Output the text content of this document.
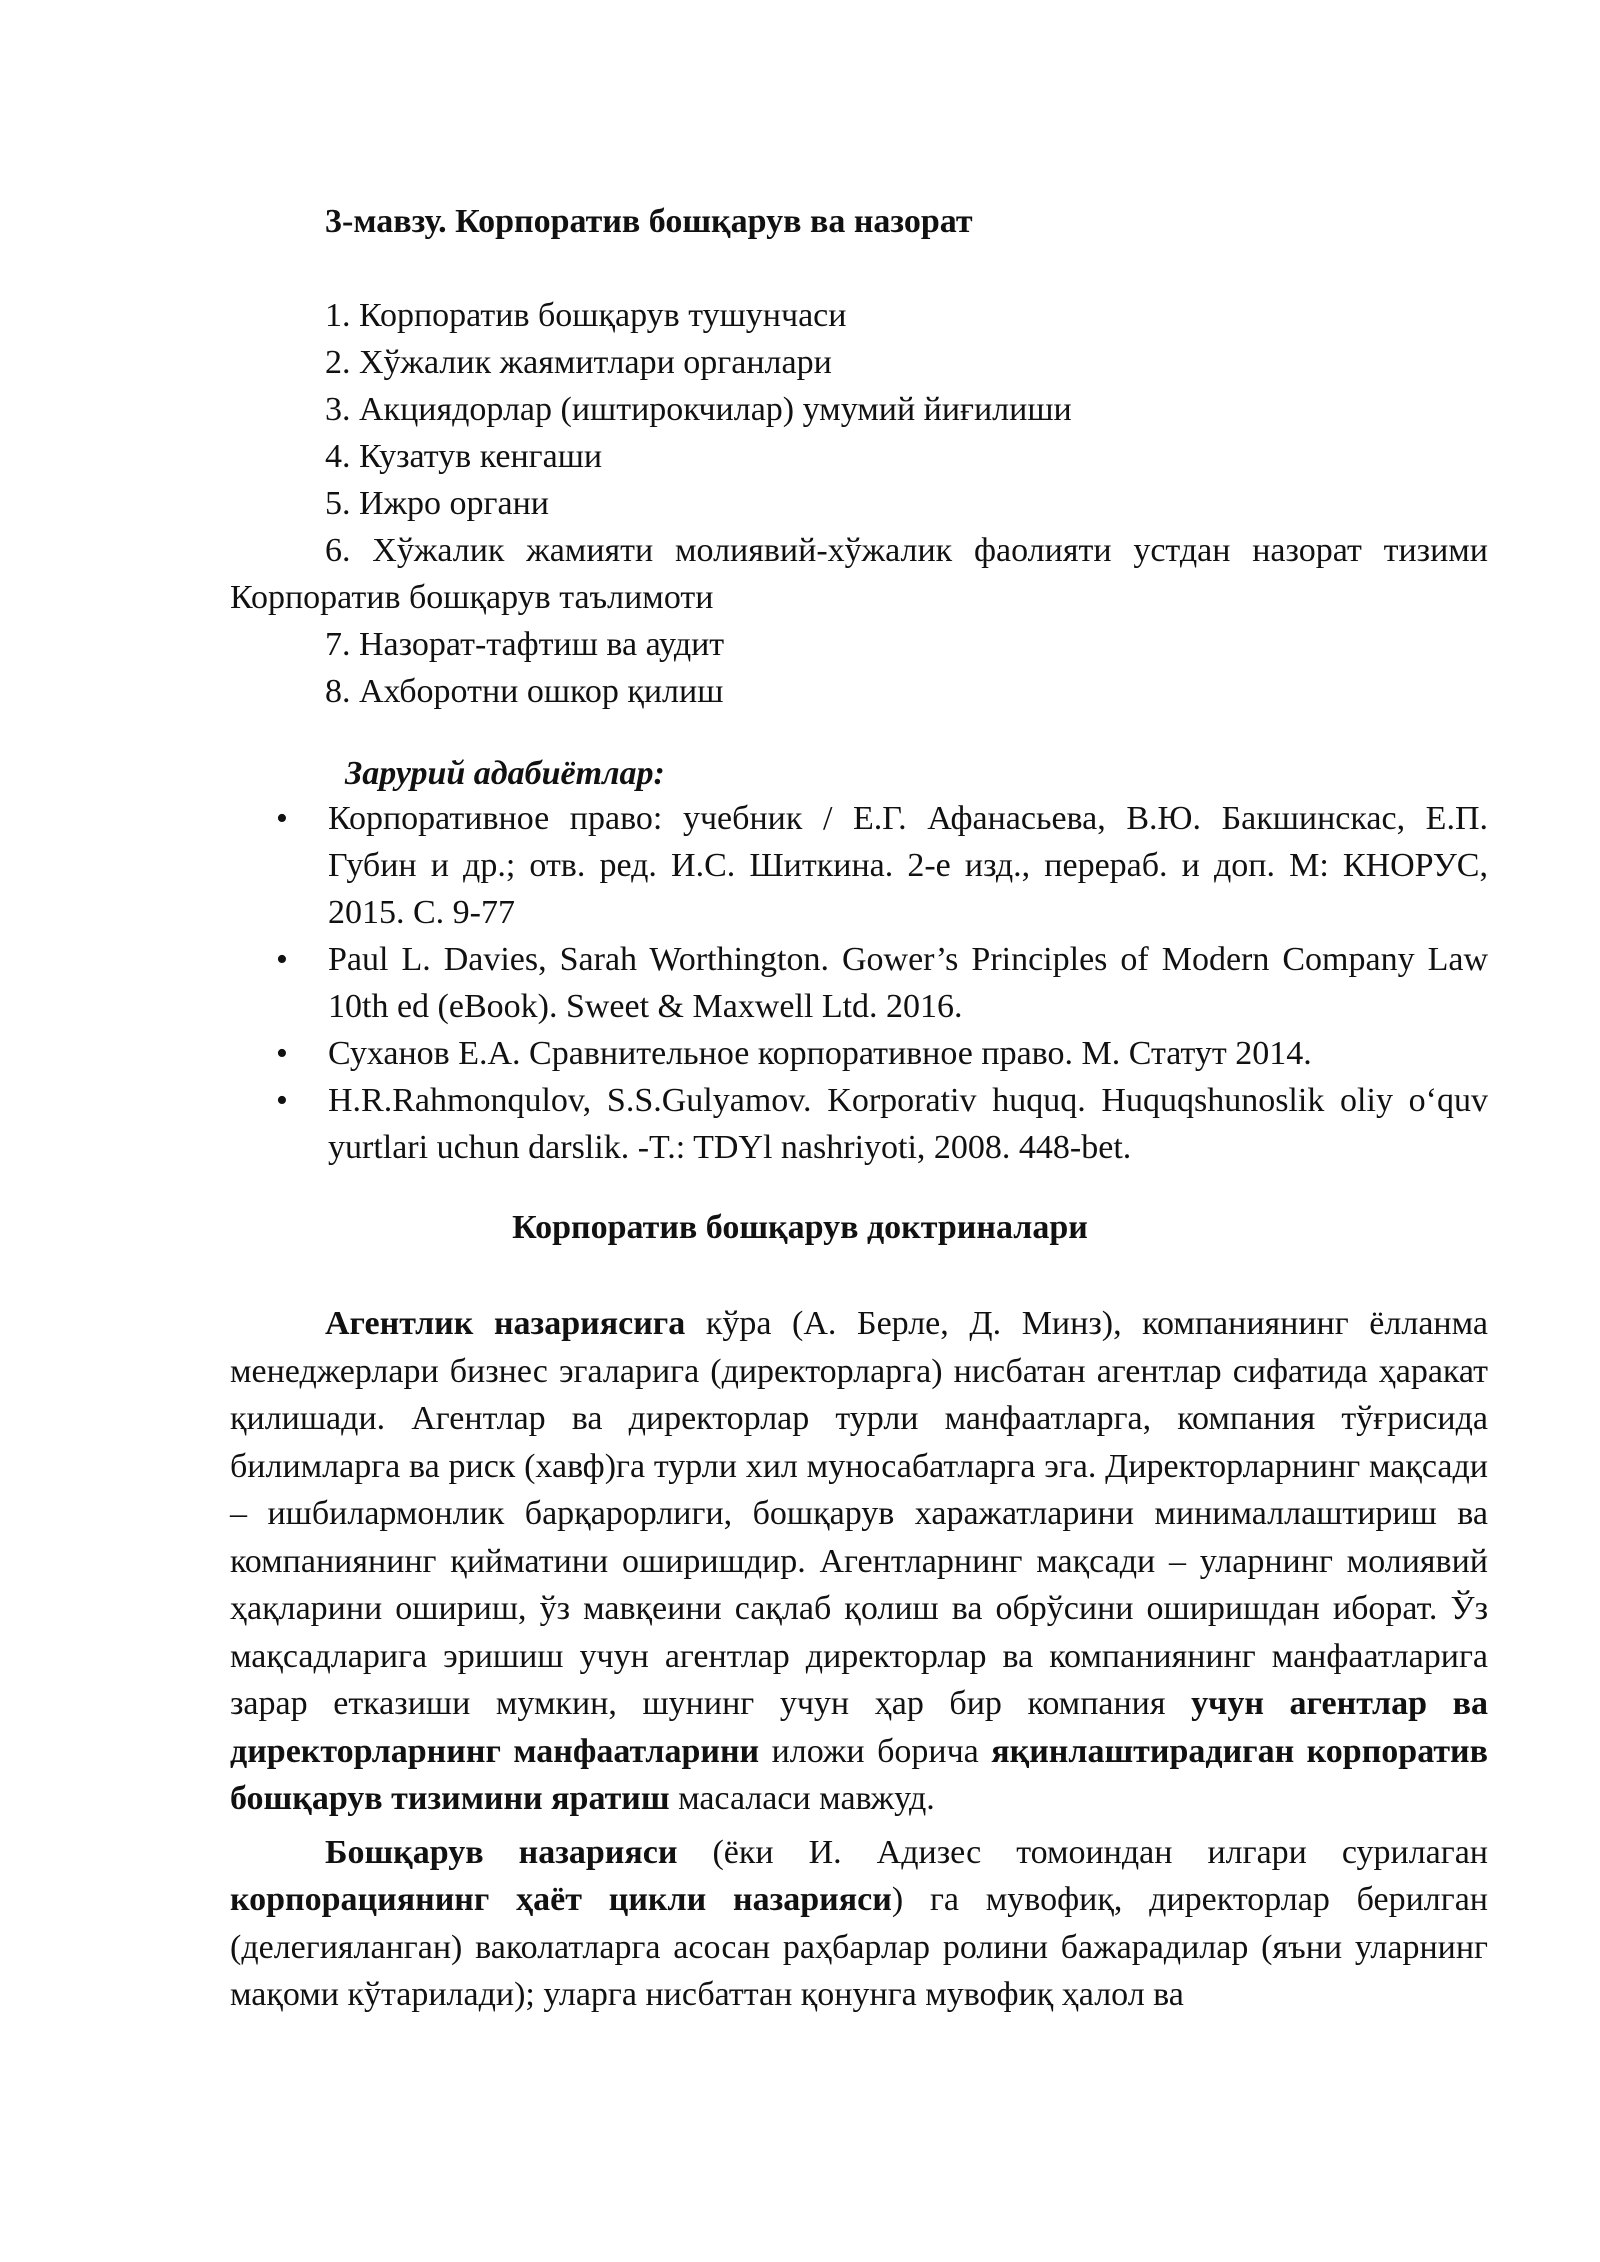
3-мавзу. Корпоратив бошқарув ва назорат
1. Корпоратив бошқарув тушунчаси
2. Хўжалик жаямитлари органлари
3. Акциядорлар (иштирокчилар) умумий йиғилиши
4. Кузатув кенгаши
5. Ижро органи
6. Хўжалик жамияти молиявий-хўжалик фаолияти устдан назорат тизими Корпоратив бошқарув таълимоти
7. Назорат-тафтиш ва аудит
8. Ахборотни ошкор қилиш
Зарурий адабиётлар:
• Корпоративное право: учебник / Е.Г. Афанасьева, В.Ю. Бакшинскас, Е.П. Губин и др.; отв. ред. И.С. Шиткина. 2-е изд., перераб. и доп. М: КНОРУС, 2015. С. 9-77
• Paul L. Davies, Sarah Worthington. Gower’s Principles of Modern Company Law 10th ed (eBook). Sweet & Maxwell Ltd. 2016.
• Суханов Е.А. Сравнительное корпоративное право. М. Статут 2014.
• H.R.Rahmonqulov, S.S.Gulyamov. Korporativ huquq. Huquqshunoslik oliy o‘quv yurtlari uchun darslik. -T.: TDYl nashriyoti, 2008. 448-bet.
Корпоратив бошқарув доктриналари

Агентлик назариясига кўра (А. Берле, Д. Минз), компаниянинг ёлланма менеджерлари бизнес эгаларига (директорларга) нисбатан агентлар сифатида ҳаракат қилишади. Агентлар ва директорлар турли манфаатларга, компания тўғрисида билимларга ва риск (хавф)га турли хил муносабатларга эга. Директорларнинг мақсади – ишбилармонлик барқарорлиги, бошқарув харажатларини минималлаштириш ва компаниянинг қийматини оширишдир. Агентларнинг мақсади – уларнинг молиявий ҳақларини ошириш, ўз мавқеини сақлаб қолиш ва обрўсини оширишдан иборат. Ўз мақсадларига эришиш учун агентлар директорлар ва компаниянинг манфаатларига зарар етказиши мумкин, шунинг учун ҳар бир компания учун агентлар ва директорларнинг манфаатларини иложи борича яқинлаштирадиган корпоратив бошқарув тизимини яратиш масаласи мавжуд.

Бошқарув назарияси (ёки И. Адизес томоиндан илгари сурилаган корпорациянинг ҳаёт цикли назарияси) га мувофиқ, директорлар берилган (делегияланган) ваколатларга асосан раҳбарлар ролини бажарадилар (яъни уларнинг мақоми кўтарилади); уларга нисбаттан қонунга мувофиқ ҳалол ва
